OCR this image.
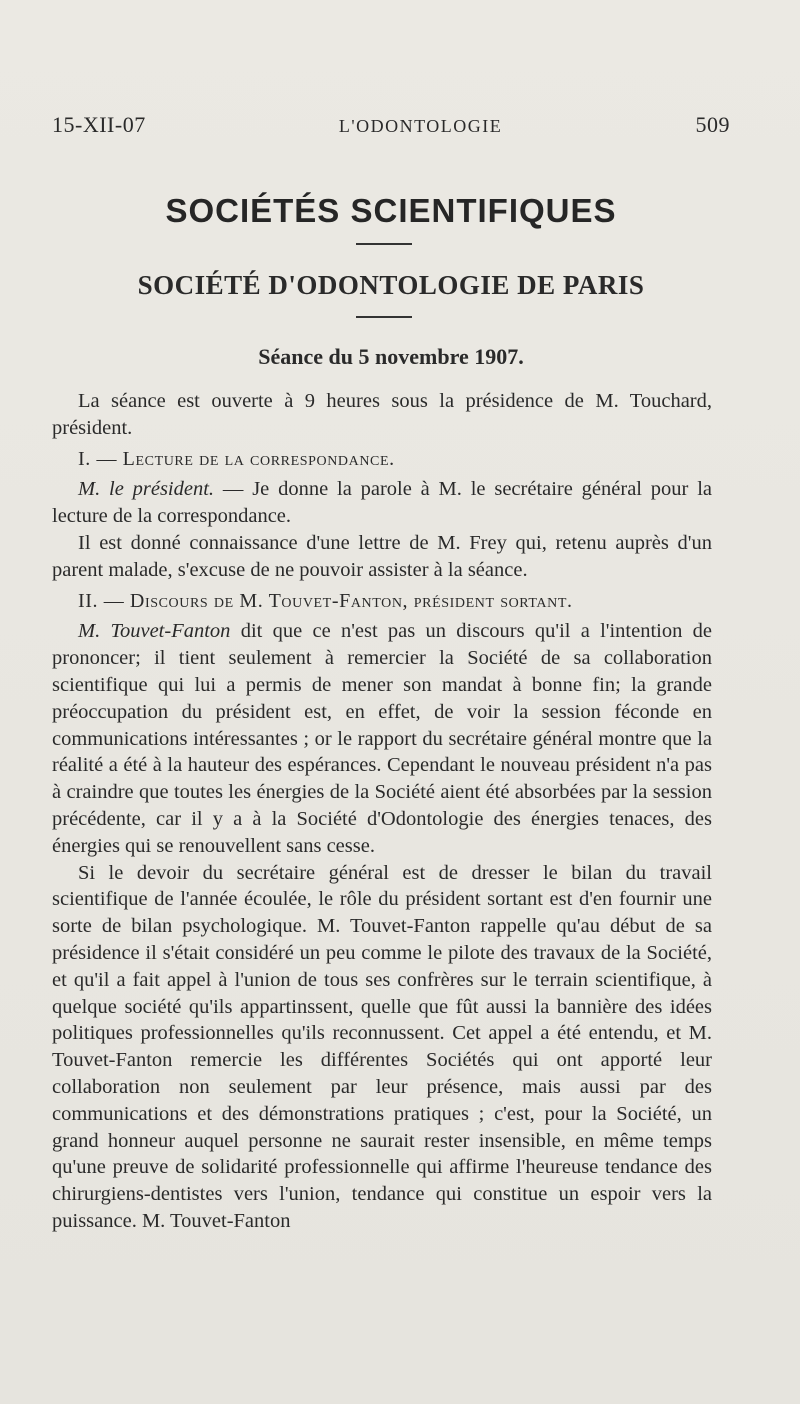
15-XII-07	L'ODONTOLOGIE	509
SOCIÉTÉS SCIENTIFIQUES
SOCIÉTÉ D'ODONTOLOGIE DE PARIS
Séance du 5 novembre 1907.

La séance est ouverte à 9 heures sous la présidence de M. Touchard, président.

I. — Lecture de la correspondance.

M. le président. — Je donne la parole à M. le secrétaire général pour la lecture de la correspondance.

Il est donné connaissance d'une lettre de M. Frey qui, retenu auprès d'un parent malade, s'excuse de ne pouvoir assister à la séance.

II. — Discours de M. Touvet-Fanton, président sortant.

M. Touvet-Fanton dit que ce n'est pas un discours qu'il a l'intention de prononcer; il tient seulement à remercier la Société de sa collaboration scientifique qui lui a permis de mener son mandat à bonne fin; la grande préoccupation du président est, en effet, de voir la session féconde en communications intéressantes ; or le rapport du secrétaire général montre que la réalité a été à la hauteur des espérances. Cependant le nouveau président n'a pas à craindre que toutes les énergies de la Société aient été absorbées par la session précédente, car il y a à la Société d'Odontologie des énergies tenaces, des énergies qui se renouvellent sans cesse.

Si le devoir du secrétaire général est de dresser le bilan du travail scientifique de l'année écoulée, le rôle du président sortant est d'en fournir une sorte de bilan psychologique. M. Touvet-Fanton rappelle qu'au début de sa présidence il s'était considéré un peu comme le pilote des travaux de la Société, et qu'il a fait appel à l'union de tous ses confrères sur le terrain scientifique, à quelque société qu'ils appartinssent, quelle que fût aussi la bannière des idées politiques professionnelles qu'ils reconnussent. Cet appel a été entendu, et M. Touvet-Fanton remercie les différentes Sociétés qui ont apporté leur collaboration non seulement par leur présence, mais aussi par des communications et des démonstrations pratiques ; c'est, pour la Société, un grand honneur auquel personne ne saurait rester insensible, en même temps qu'une preuve de solidarité professionnelle qui affirme l'heureuse tendance des chirurgiens-dentistes vers l'union, tendance qui constitue un espoir vers la puissance. M. Touvet-Fanton
